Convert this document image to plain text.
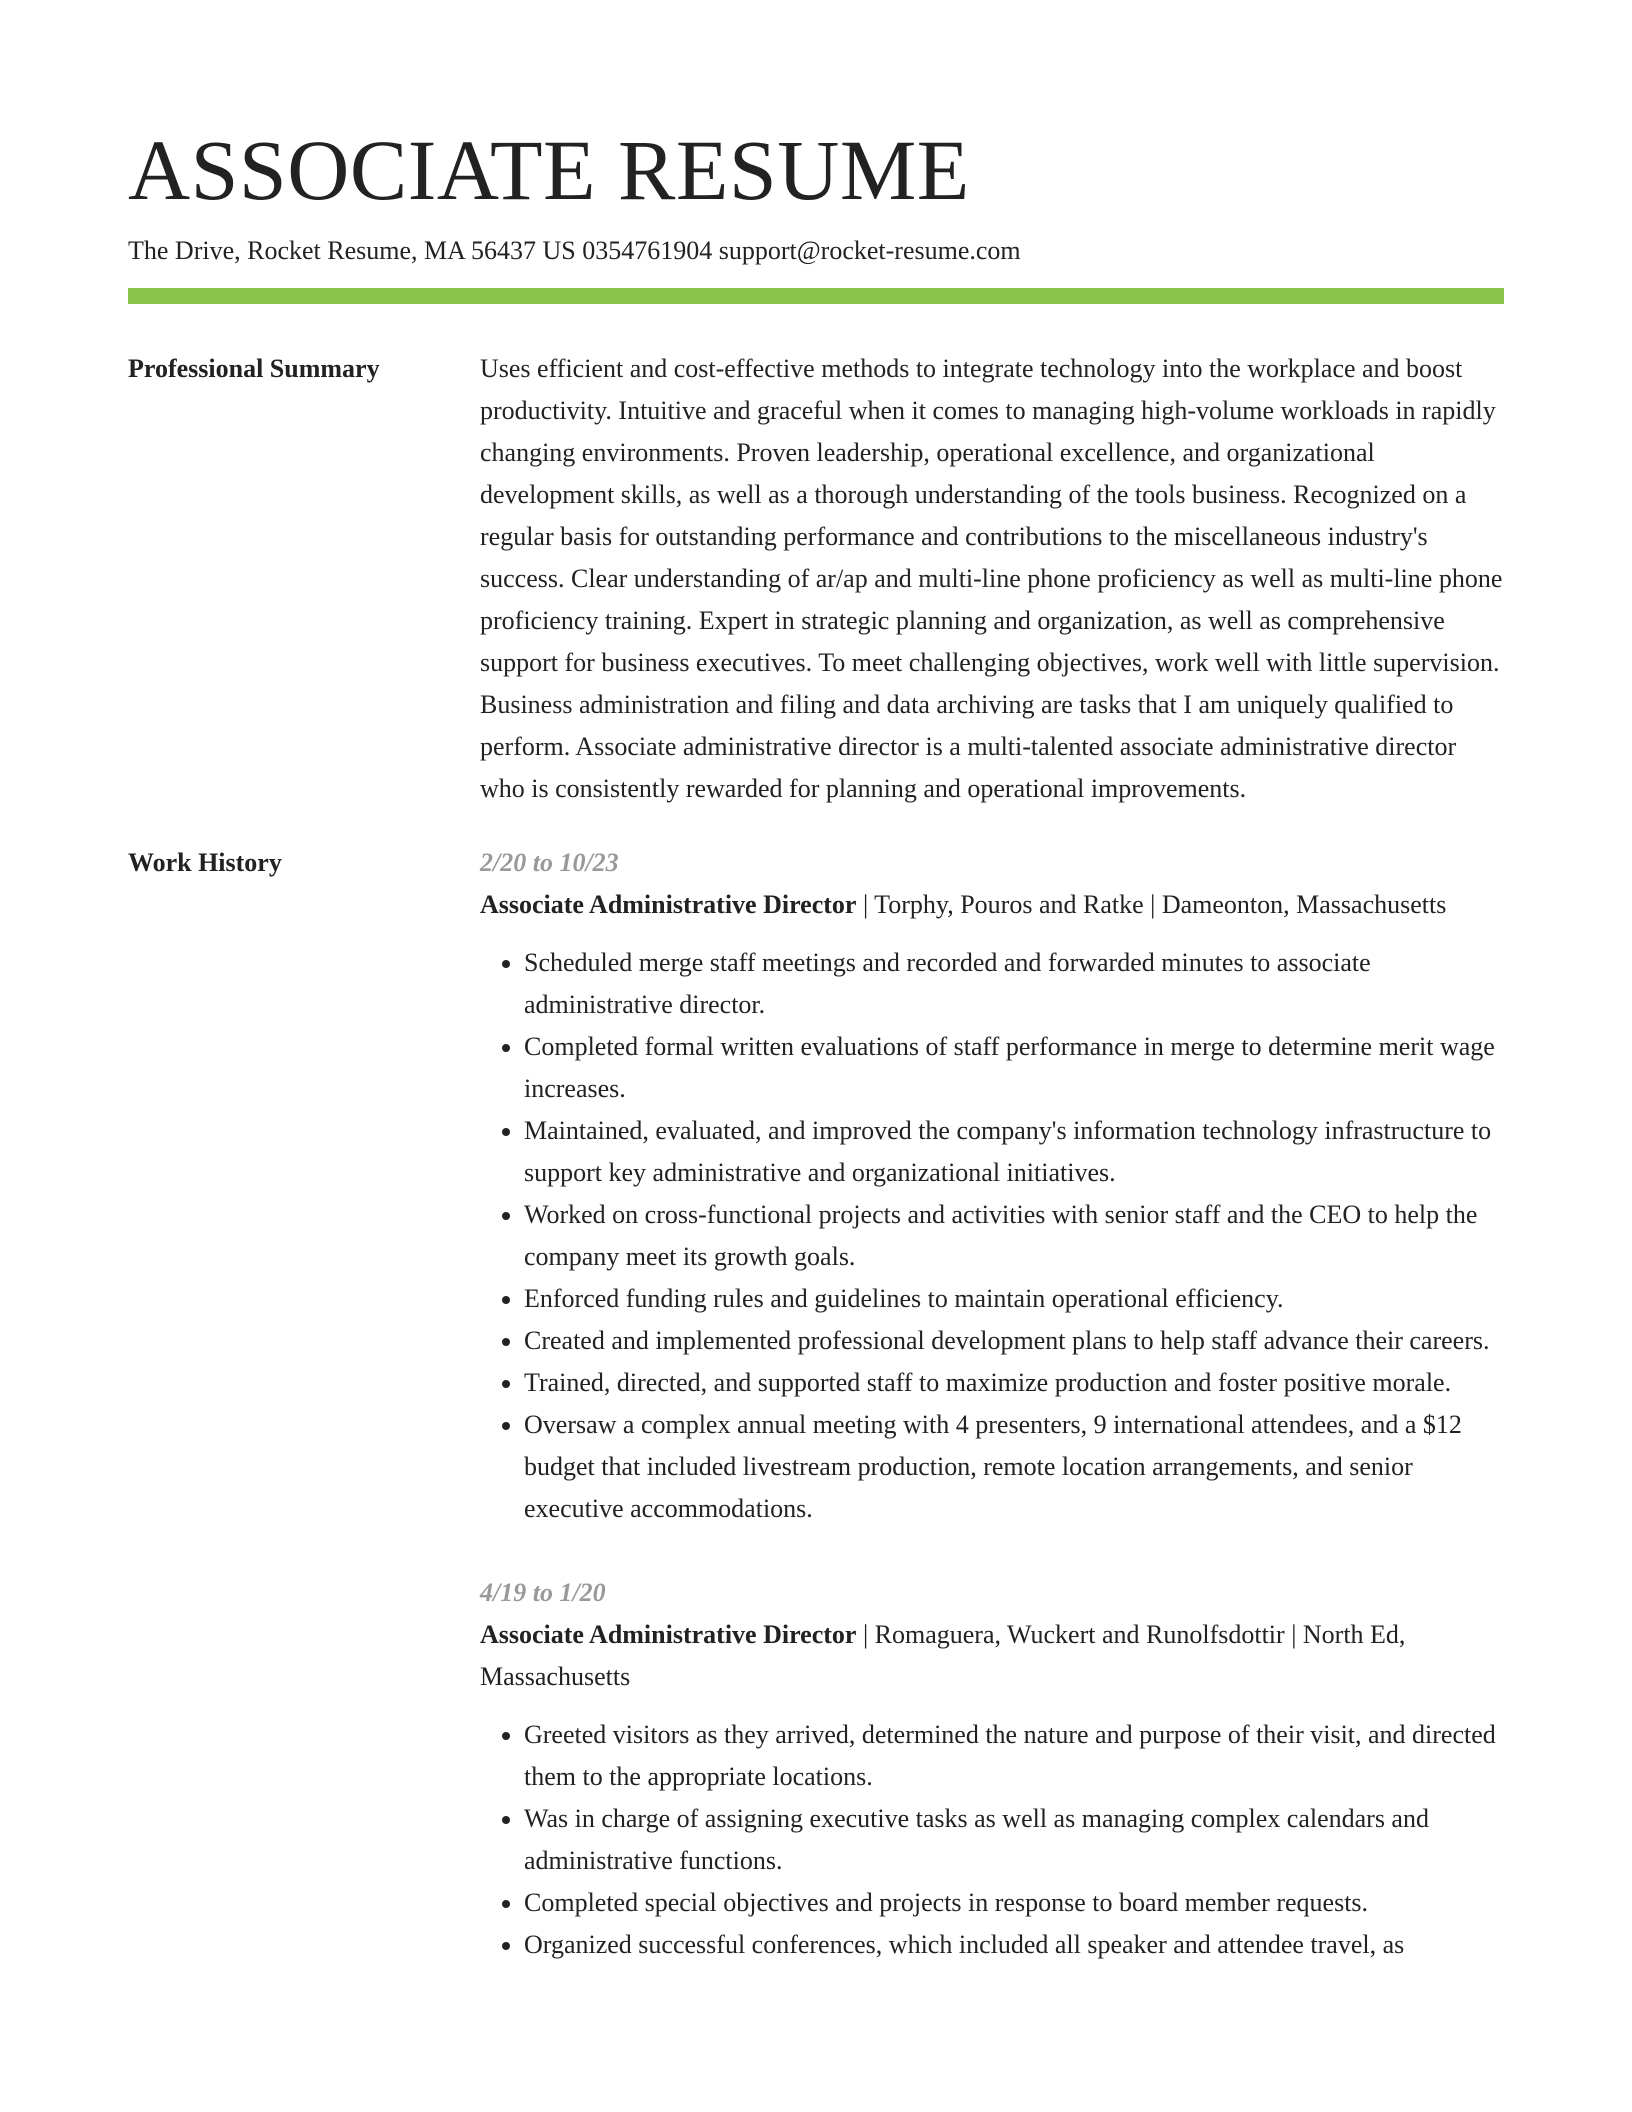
ASSOCIATE RESUME
The Drive, Rocket Resume, MA 56437 US 0354761904 support@rocket-resume.com
Professional Summary	Uses efficient and cost-effective methods to integrate technology into the workplace and boost productivity. Intuitive and graceful when it comes to managing high-volume workloads in rapidly changing environments. Proven leadership, operational excellence, and organizational development skills, as well as a thorough understanding of the tools business. Recognized on a regular basis for outstanding performance and contributions to the miscellaneous industry's success. Clear understanding of ar/ap and multi-line phone proficiency as well as multi-line phone proficiency training. Expert in strategic planning and organization, as well as comprehensive support for business executives. To meet challenging objectives, work well with little supervision. Business administration and filing and data archiving are tasks that I am uniquely qualified to perform. Associate administrative director is a multi-talented associate administrative director who is consistently rewarded for planning and operational improvements.

Work History	2/20 to 10/23
Associate Administrative Director | Torphy, Pouros and Ratke | Dameonton, Massachusetts
• Scheduled merge staff meetings and recorded and forwarded minutes to associate administrative director.
• Completed formal written evaluations of staff performance in merge to determine merit wage increases.
• Maintained, evaluated, and improved the company's information technology infrastructure to support key administrative and organizational initiatives.
• Worked on cross-functional projects and activities with senior staff and the CEO to help the company meet its growth goals.
• Enforced funding rules and guidelines to maintain operational efficiency.
• Created and implemented professional development plans to help staff advance their careers.
• Trained, directed, and supported staff to maximize production and foster positive morale.
• Oversaw a complex annual meeting with 4 presenters, 9 international attendees, and a $12 budget that included livestream production, remote location arrangements, and senior executive accommodations.
4/19 to 1/20
Associate Administrative Director | Romaguera, Wuckert and Runolfsdottir | North Ed, Massachusetts
• Greeted visitors as they arrived, determined the nature and purpose of their visit, and directed them to the appropriate locations.
• Was in charge of assigning executive tasks as well as managing complex calendars and administrative functions.
• Completed special objectives and projects in response to board member requests.
• Organized successful conferences, which included all speaker and attendee travel, as
